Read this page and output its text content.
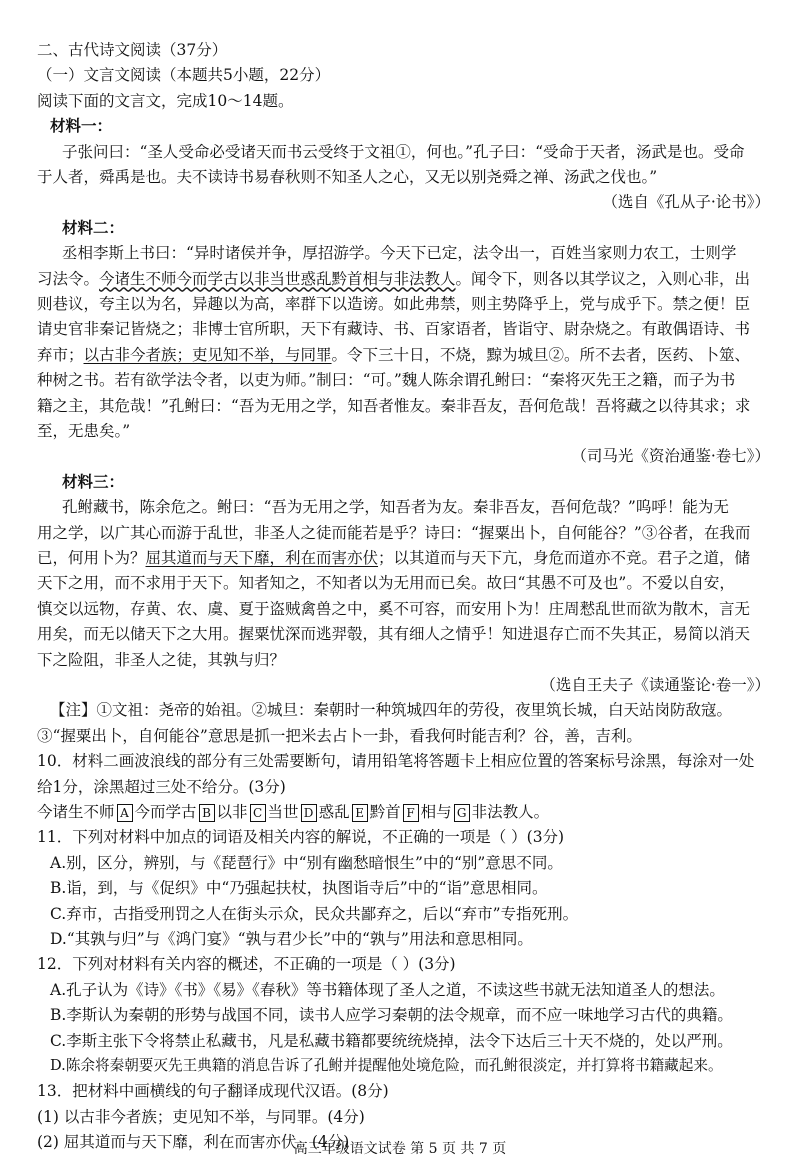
二、古代诗文阅读（37分）
（一）文言文阅读（本题共5小题，22分）
阅读下面的文言文，完成10～14题。
材料一：
子张问曰：“圣人受命必受诸天而书云受终于文祖①，何也。”孔子曰：“受命于天者，汤武是也。受命
于人者，舜禹是也。夫不读诗书易春秋则不知圣人之心，又无以别尧舜之禅、汤武之伐也。”
（选自《孔从子·论书》）
材料二：
丞相李斯上书曰：“异时诸侯并争，厚招游学。今天下已定，法令出一，百姓当家则力农工，士则学
习法令。今诸生不师今而学古以非当世惑乱黔首相与非法教人。闻令下，则各以其学议之，入则心非，出
则巷议，夸主以为名，异趣以为高，率群下以造谤。如此弗禁，则主势降乎上，党与成乎下。禁之便！臣
请史官非秦记皆烧之；非博士官所职，天下有藏诗、书、百家语者，皆诣守、尉杂烧之。有敢偶语诗、书
弃市；以古非今者族；吏见知不举，与同罪。令下三十日，不烧，黥为城旦②。所不去者，医药、卜筮、
种树之书。若有欲学法令者，以吏为师。”制曰：“可。”魏人陈余谓孔鲋曰：“秦将灭先王之籍，而子为书
籍之主，其危哉！”孔鲋曰：“吾为无用之学，知吾者惟友。秦非吾友，吾何危哉！吾将藏之以待其求；求
至，无患矣。”
（司马光《资治通鉴·卷七》）
材料三：
孔鲋藏书，陈余危之。鲋曰：“吾为无用之学，知吾者为友。秦非吾友，吾何危哉？”呜呼！能为无
用之学，以广其心而游于乱世，非圣人之徒而能若是乎？诗曰：“握粟出卜，自何能谷？”③谷者，在我而
已，何用卜为？屈其道而与天下靡，利在而害亦伏；以其道而与天下亢，身危而道亦不竞。君子之道，储
天下之用，而不求用于天下。知者知之，不知者以为无用而已矣。故曰“其愚不可及也”。不爱以自安，
慎交以远物，存黄、农、虞、夏于盗贼禽兽之中，奚不可容，而安用卜为！庄周慭乱世而欲为散木，言无
用矣，而无以储天下之大用。握粟忧深而逃羿彀，其有细人之情乎！知进退存亡而不失其正，易简以消天
下之险阻，非圣人之徒，其孰与归？
（选自王夫子《读通鉴论·卷一》）
【注】①文祖：尧帝的始祖。②城旦：秦朝时一种筑城四年的劳役，夜里筑长城，白天站岗防敌寇。
③“握粟出卜，自何能谷”意思是抓一把米去占卜一卦，看我何时能吉利？谷，善，吉利。
10．材料二画波浪线的部分有三处需要断句，请用铅笔将答题卡上相应位置的答案标号涂黑，每涂对一处
给1分，涂黑超过三处不给分。(3分)
今诸生不师 A 今而学古 B 以非 C 当世 D 惑乱 E 黔首 F 相与 G 非法教人。
11．下列对材料中加点的词语及相关内容的解说，不正确的一项是（ ）(3分)
A.别，区分，辨别，与《琵琶行》中“别有幽愁暗恨生”中的“别”意思不同。
B.诣，到，与《促织》中“乃强起扶杖，执图诣寺后”中的“诣”意思相同。
C.弃市，古指受刑罚之人在街头示众，民众共鄙弃之，后以“弃市”专指死刑。
D.“其孰与归”与《鸿门宴》“孰与君少长”中的“孰与”用法和意思相同。
12．下列对材料有关内容的概述，不正确的一项是（ ）(3分)
A.孔子认为《诗》《书》《易》《春秋》等书籍体现了圣人之道，不读这些书就无法知道圣人的想法。
B.李斯认为秦朝的形势与战国不同，读书人应学习秦朝的法令规章，而不应一味地学习古代的典籍。
C.李斯主张下令将禁止私藏书，凡是私藏书籍都要统统烧掉，法令下达后三十天不烧的，处以严刑。
D.陈余将秦朝要灭先王典籍的消息告诉了孔鲋并提醒他处境危险，而孔鲋很淡定，并打算将书籍藏起来。
13．把材料中画横线的句子翻译成现代汉语。(8分)
(1) 以古非今者族；吏见知不举，与同罪。(4分)
(2) 屈其道而与天下靡，利在而害亦伏。(4分)
高三年级语文试卷 第 5 页 共 7 页
